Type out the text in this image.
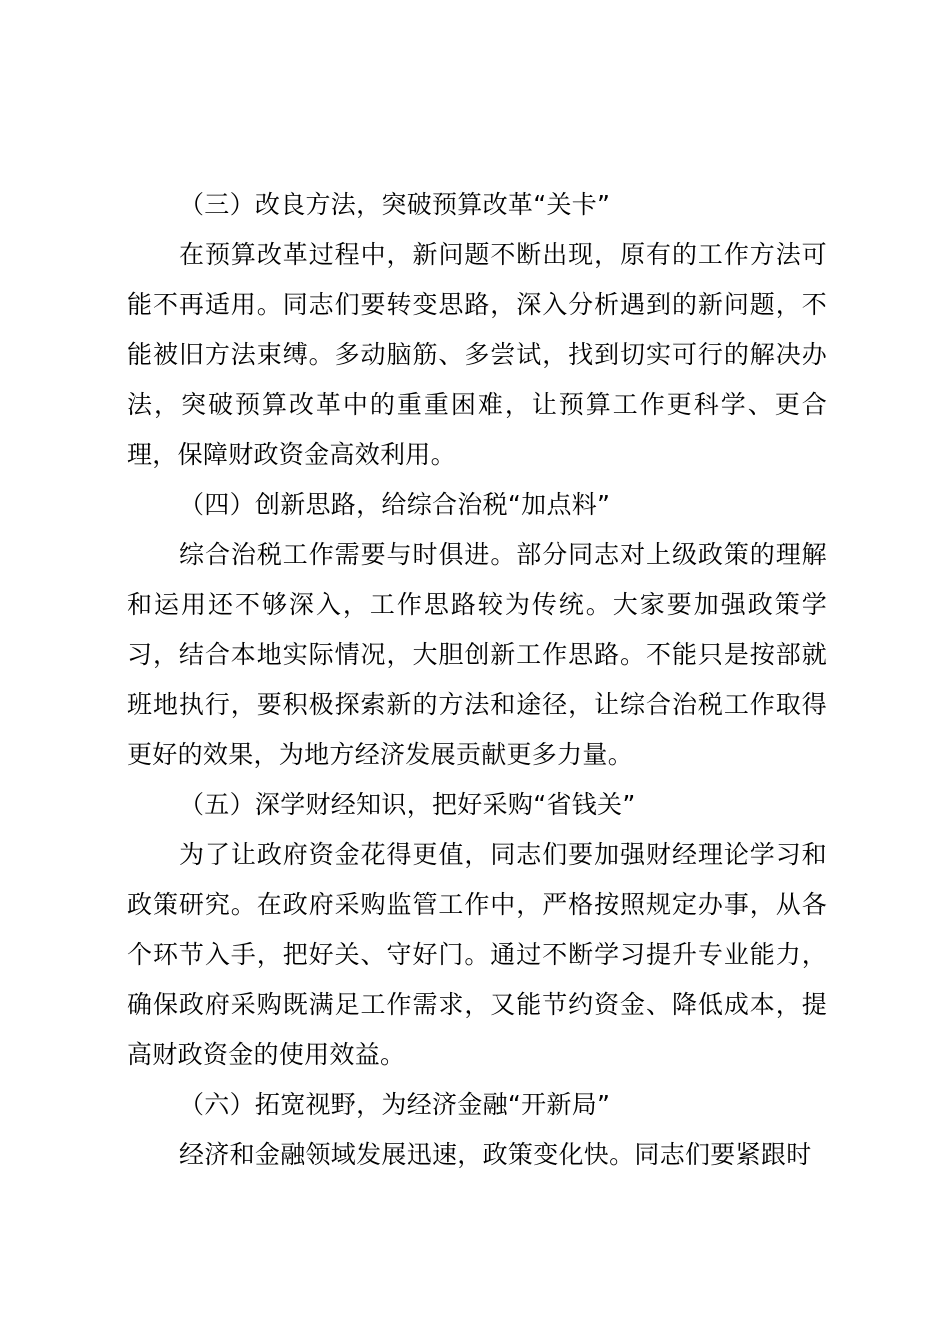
（三）改良方法，突破预算改革“关卡”

在预算改革过程中，新问题不断出现，原有的工作方法可能不再适用。同志们要转变思路，深入分析遇到的新问题，不能被旧方法束缚。多动脑筋、多尝试，找到切实可行的解决办法，突破预算改革中的重重困难，让预算工作更科学、更合理，保障财政资金高效利用。

（四）创新思路，给综合治税“加点料”

综合治税工作需要与时俱进。部分同志对上级政策的理解和运用还不够深入，工作思路较为传统。大家要加强政策学习，结合本地实际情况，大胆创新工作思路。不能只是按部就班地执行，要积极探索新的方法和途径，让综合治税工作取得更好的效果，为地方经济发展贡献更多力量。

（五）深学财经知识，把好采购“省钱关”

为了让政府资金花得更值，同志们要加强财经理论学习和政策研究。在政府采购监管工作中，严格按照规定办事，从各个环节入手，把好关、守好门。通过不断学习提升专业能力，确保政府采购既满足工作需求，又能节约资金、降低成本，提高财政资金的使用效益。

（六）拓宽视野，为经济金融“开新局”

经济和金融领域发展迅速，政策变化快。同志们要紧跟时
